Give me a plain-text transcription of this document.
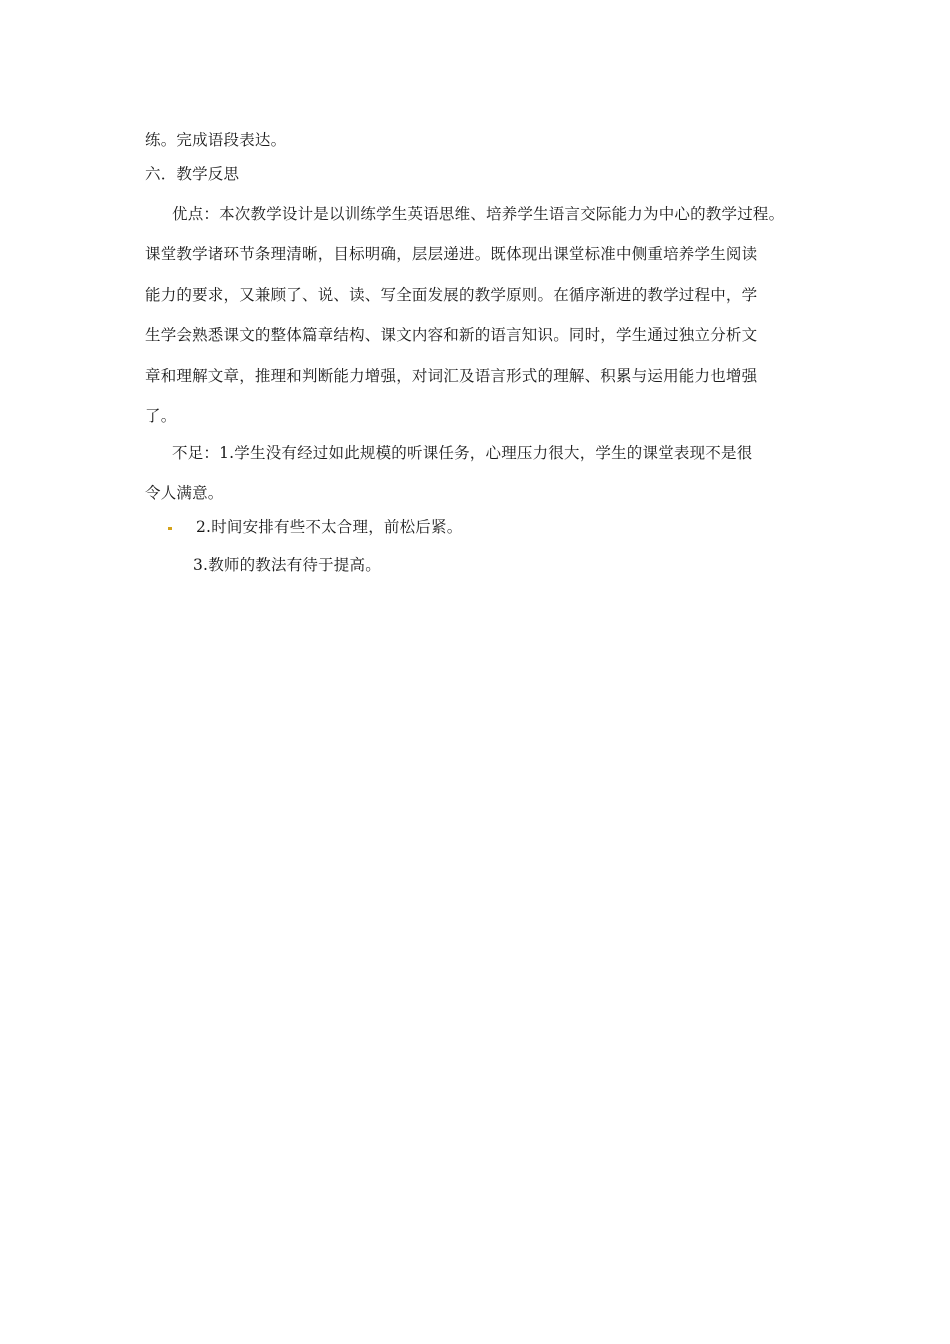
练。完成语段表达。
六．教学反思
优点：本次教学设计是以训练学生英语思维、培养学生语言交际能力为中心的教学过程。
课堂教学诸环节条理清晰，目标明确，层层递进。既体现出课堂标准中侧重培养学生阅读
能力的要求，又兼顾了、说、读、写全面发展的教学原则。在循序渐进的教学过程中，学
生学会熟悉课文的整体篇章结构、课文内容和新的语言知识。同时，学生通过独立分析文
章和理解文章，推理和判断能力增强，对词汇及语言形式的理解、积累与运用能力也增强
了。
不足：1.学生没有经过如此规模的听课任务，心理压力很大，学生的课堂表现不是很
令人满意。
2.时间安排有些不太合理，前松后紧。
3.教师的教法有待于提高。
